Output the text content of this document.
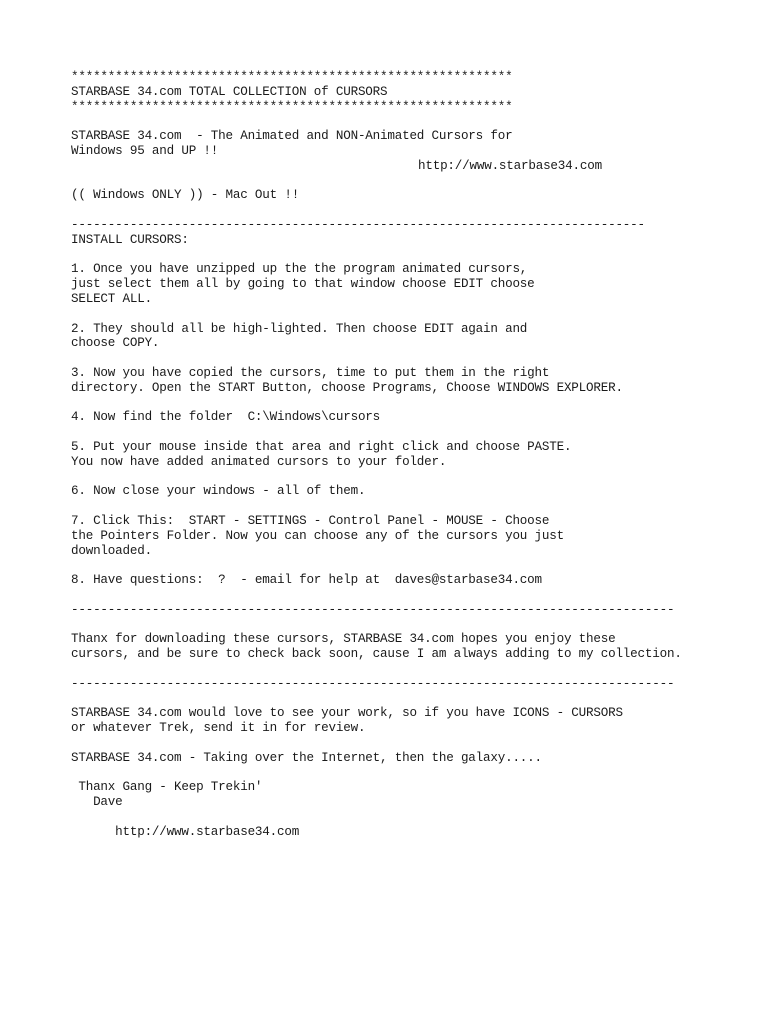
************************************************************
STARBASE 34.com TOTAL COLLECTION of CURSORS
************************************************************
STARBASE 34.com  - The Animated and NON-Animated Cursors for
Windows 95 and UP !!
http://www.starbase34.com
(( Windows ONLY )) - Mac Out !!
------------------------------------------------------------------------------
INSTALL CURSORS:
1. Once you have unzipped up the the program animated cursors,
just select them all by going to that window choose EDIT choose
SELECT ALL.
2. They should all be high-lighted. Then choose EDIT again and
choose COPY.
3. Now you have copied the cursors, time to put them in the right
directory. Open the START Button, choose Programs, Choose WINDOWS EXPLORER.
4. Now find the folder  C:\Windows\cursors
5. Put your mouse inside that area and right click and choose PASTE.
You now have added animated cursors to your folder.
6. Now close your windows - all of them.
7. Click This:  START - SETTINGS - Control Panel - MOUSE - Choose
the Pointers Folder. Now you can choose any of the cursors you just
downloaded.
8. Have questions:  ?  - email for help at  daves@starbase34.com
----------------------------------------------------------------------------------
Thanx for downloading these cursors, STARBASE 34.com hopes you enjoy these
cursors, and be sure to check back soon, cause I am always adding to my collection.
----------------------------------------------------------------------------------
STARBASE 34.com would love to see your work, so if you have ICONS - CURSORS
or whatever Trek, send it in for review.
STARBASE 34.com - Taking over the Internet, then the galaxy.....
Thanx Gang - Keep Trekin'
Dave
http://www.starbase34.com
